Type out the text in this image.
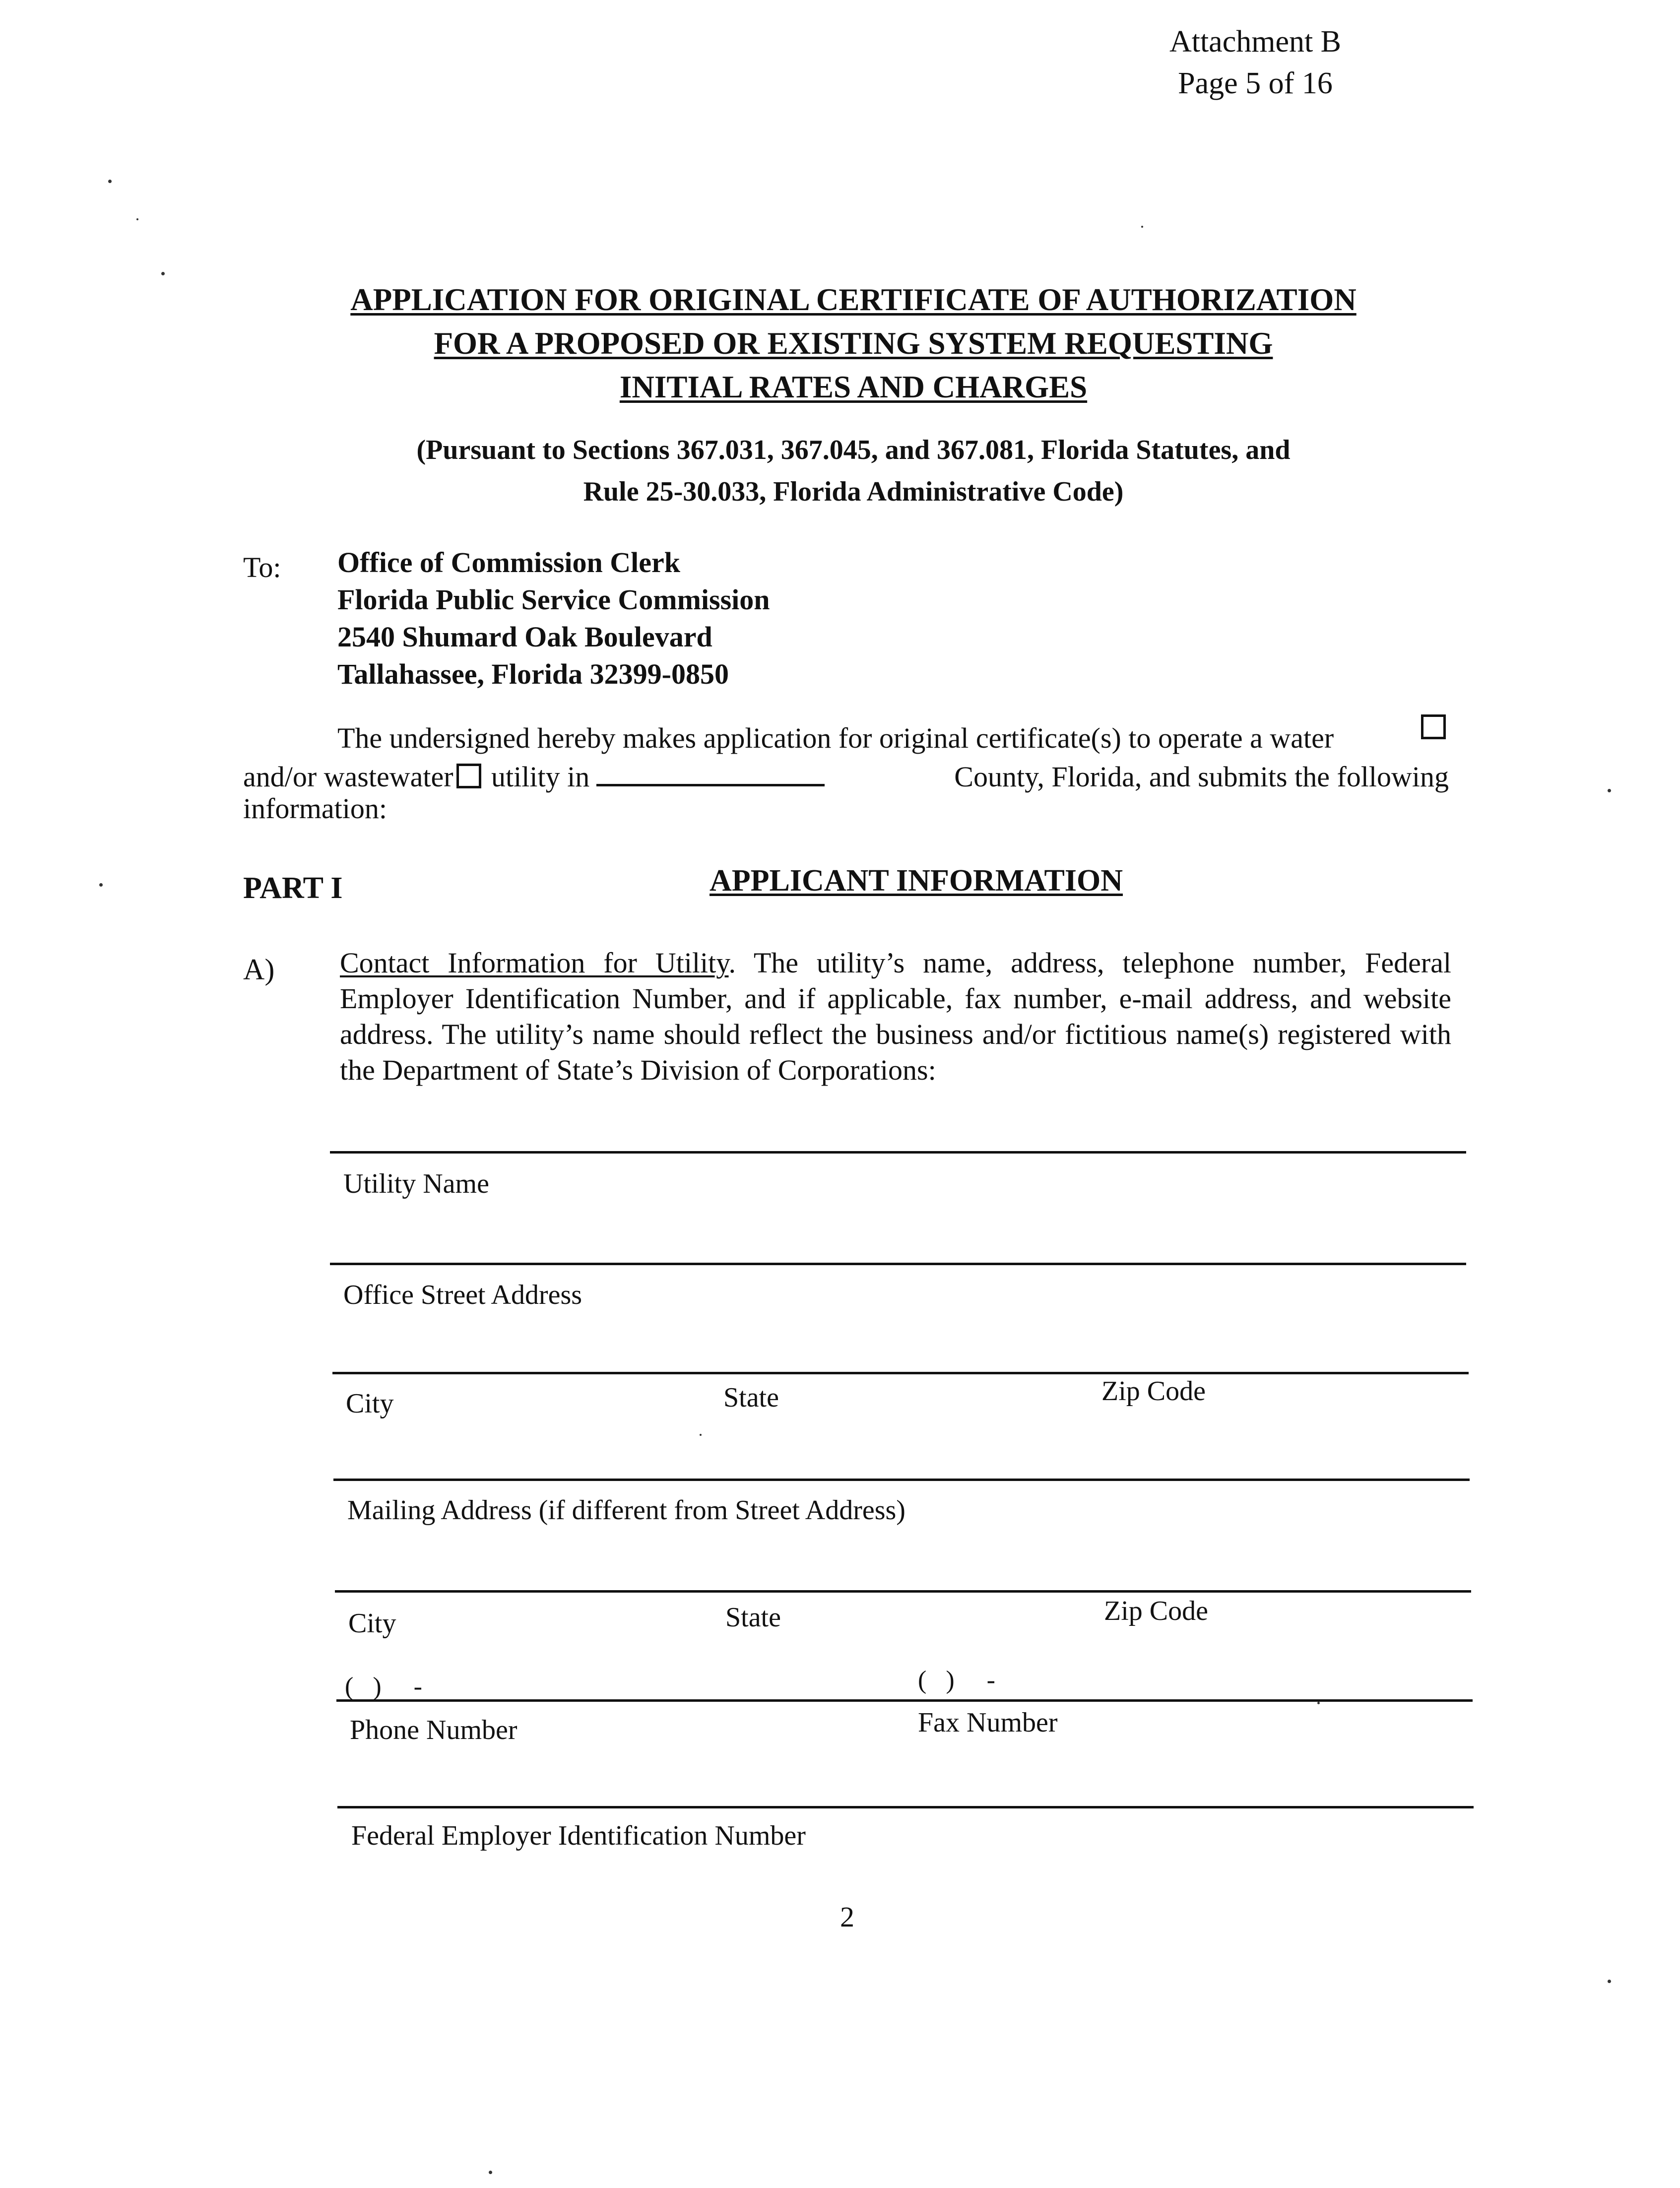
Attachment B
Page 5 of 16
APPLICATION FOR ORIGINAL CERTIFICATE OF AUTHORIZATION
FOR A PROPOSED OR EXISTING SYSTEM REQUESTING
INITIAL RATES AND CHARGES
(Pursuant to Sections 367.031, 367.045, and 367.081, Florida Statutes, and
Rule 25-30.033, Florida Administrative Code)
To: Office of Commission Clerk
Florida Public Service Commission
2540 Shumard Oak Boulevard
Tallahassee, Florida 32399-0850
The undersigned hereby makes application for original certificate(s) to operate a water
and/or wastewater utility in	County, Florida, and submits the following
information:
PART I	APPLICANT INFORMATION
A) Contact Information for Utility. The utility’s name, address, telephone number, Federal Employer Identification Number, and if applicable, fax number, e-mail address, and website address. The utility’s name should reflect the business and/or fictitious name(s) registered with the Department of State’s Division of Corporations:
Utility Name
Office Street Address
City	State	Zip Code
Mailing Address (if different from Street Address)
City	State	Zip Code
(   )     -	(   )     -
Phone Number	Fax Number
Federal Employer Identification Number
2
